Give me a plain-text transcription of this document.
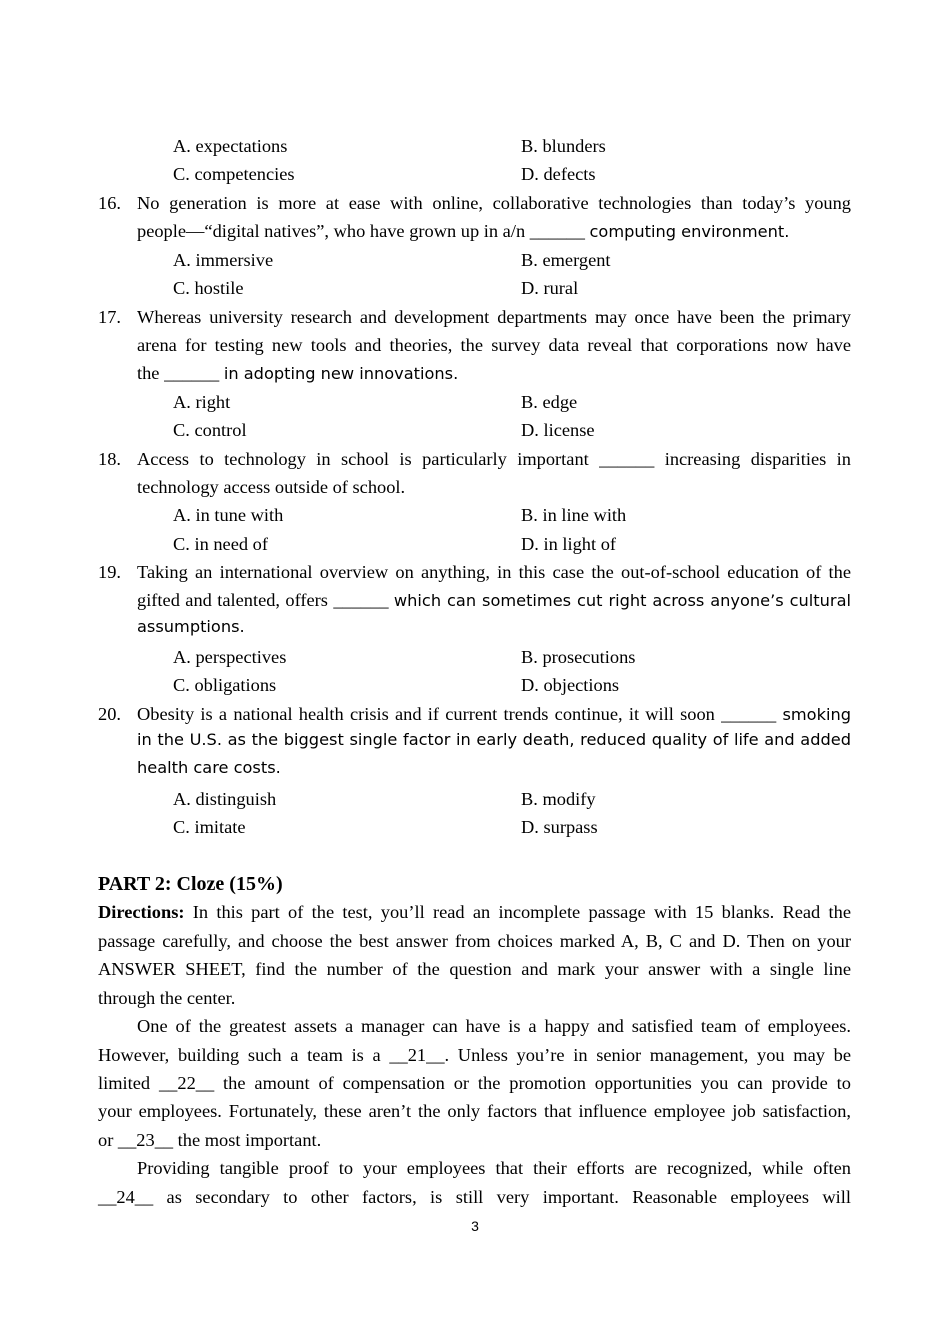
A. expectations	B. blunders
C. competencies	D. defects
16. No generation is more at ease with online, collaborative technologies than today’s young
people—“digital natives”, who have grown up in a/n ______ computing environment.
A. immersive	B. emergent
C. hostile	D. rural
17. Whereas university research and development departments may once have been the primary
arena for testing new tools and theories, the survey data reveal that corporations now have
the ______ in adopting new innovations.
A. right	B. edge
C. control	D. license
18. Access to technology in school is particularly important ______ increasing disparities in
technology access outside of school.
A. in tune with	B. in line with
C. in need of	D. in light of
19. Taking an international overview on anything, in this case the out-of-school education of the
gifted and talented, offers ______ which can sometimes cut right across anyone’s cultural
assumptions.
A. perspectives	B. prosecutions
C. obligations	D. objections
20. Obesity is a national health crisis and if current trends continue, it will soon ______ smoking
in the U.S. as the biggest single factor in early death, reduced quality of life and added
health care costs.
A. distinguish	B. modify
C. imitate	D. surpass
PART 2: Cloze (15%)
Directions: In this part of the test, you’ll read an incomplete passage with 15 blanks. Read the
passage carefully, and choose the best answer from choices marked A, B, C and D. Then on your
ANSWER SHEET, find the number of the question and mark your answer with a single line
through the center.
One of the greatest assets a manager can have is a happy and satisfied team of employees.
However, building such a team is a __21__. Unless you’re in senior management, you may be
limited __22__ the amount of compensation or the promotion opportunities you can provide to
your employees. Fortunately, these aren’t the only factors that influence employee job satisfaction,
or __23__ the most important.
Providing tangible proof to your employees that their efforts are recognized, while often
__24__ as secondary to other factors, is still very important. Reasonable employees will
3
